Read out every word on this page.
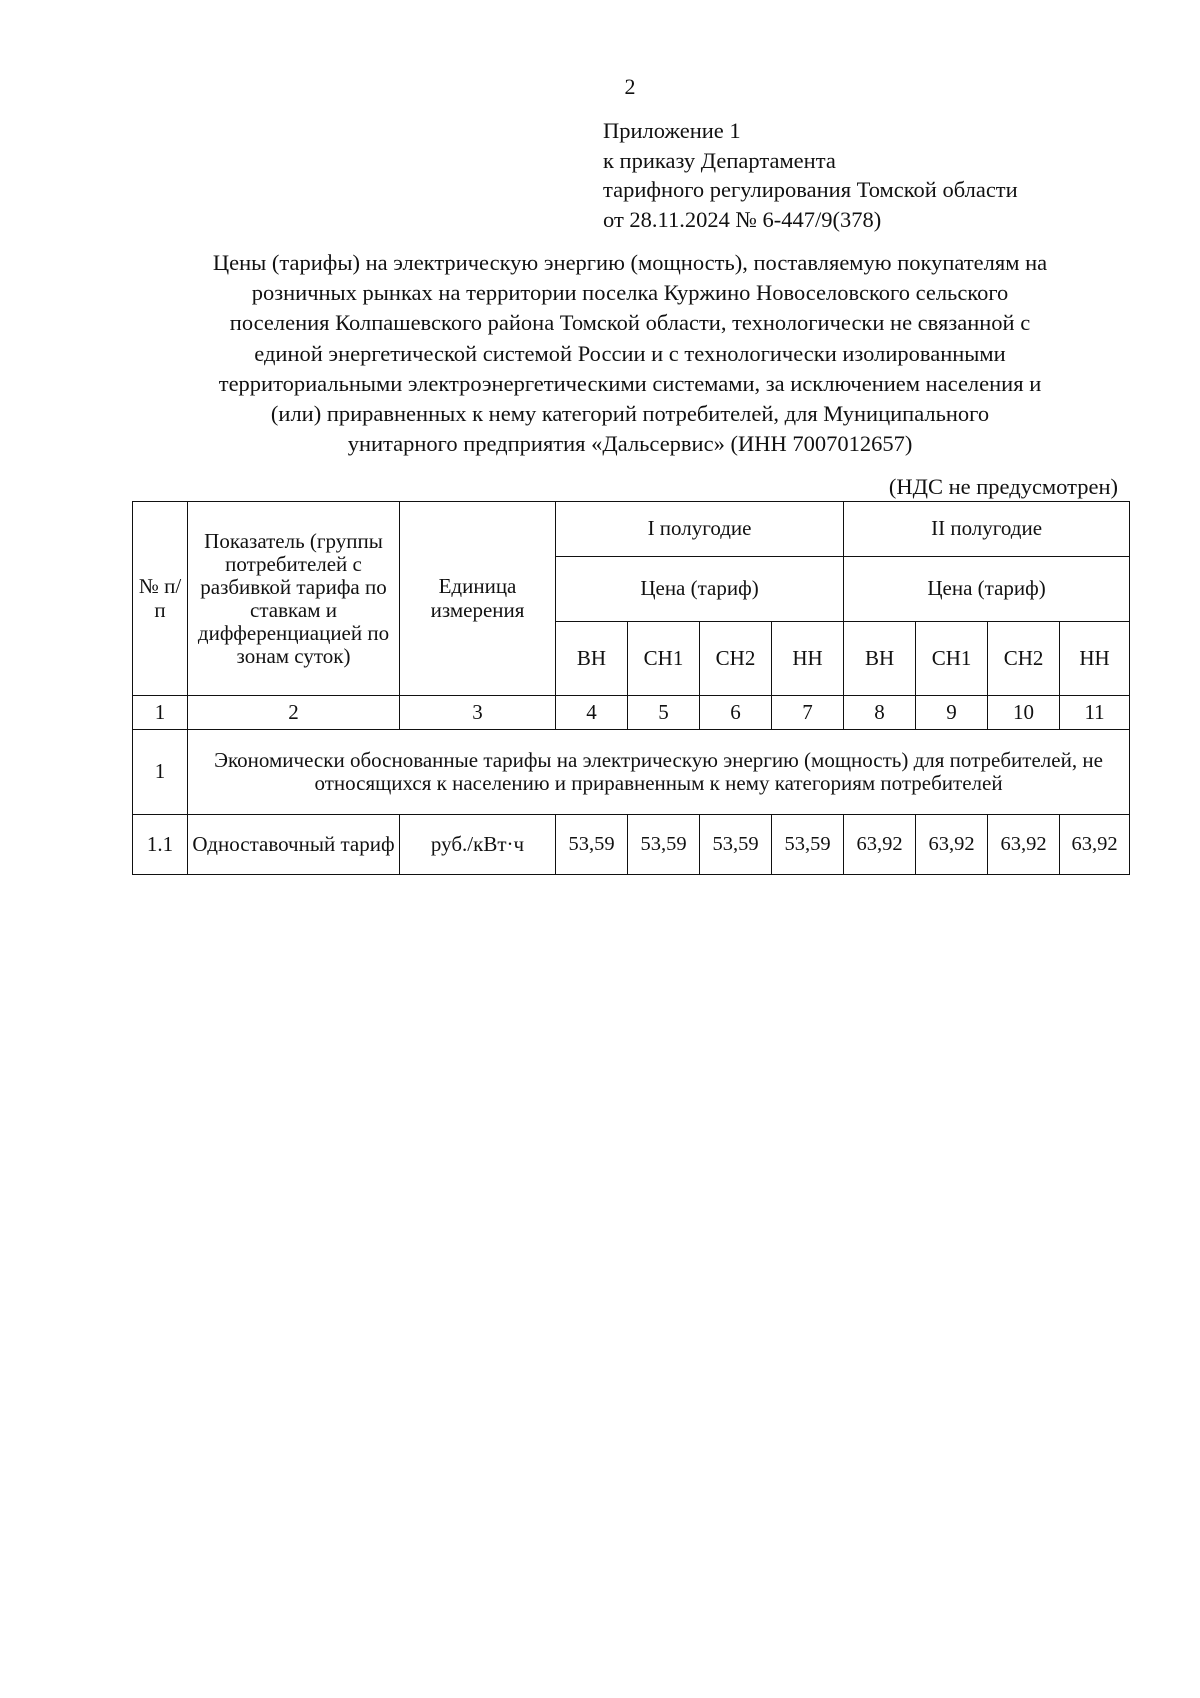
2
Приложение 1
к приказу Департамента
тарифного регулирования Томской области
от 28.11.2024 № 6-447/9(378)
Цены (тарифы) на электрическую энергию (мощность), поставляемую покупателям на
розничных рынках на территории поселка Куржино Новоселовского сельского
поселения Колпашевского района Томской области, технологически не связанной с
единой энергетической системой России и с технологически изолированными
территориальными электроэнергетическими системами, за исключением населения и
(или) приравненных к нему категорий потребителей, для Муниципального
унитарного предприятия «Дальсервис» (ИНН 7007012657)
(НДС не предусмотрен)
№ п/п	Показатель (группы потребителей с разбивкой тарифа по ставкам и дифференциацией по зонам суток)	Единица измерения	I полугодие				II полугодие			
			Цена (тариф)				Цена (тариф)			
			ВН	СН1	СН2	НН	ВН	СН1	СН2	НН
1	2	3	4	5	6	7	8	9	10	11
1	Экономически обоснованные тарифы на электрическую энергию (мощность) для потребителей, не относящихся к населению и приравненным к нему категориям потребителей									
1.1	Одноставочный тариф	руб./кВт·ч	53,59	53,59	53,59	53,59	63,92	63,92	63,92	63,92
